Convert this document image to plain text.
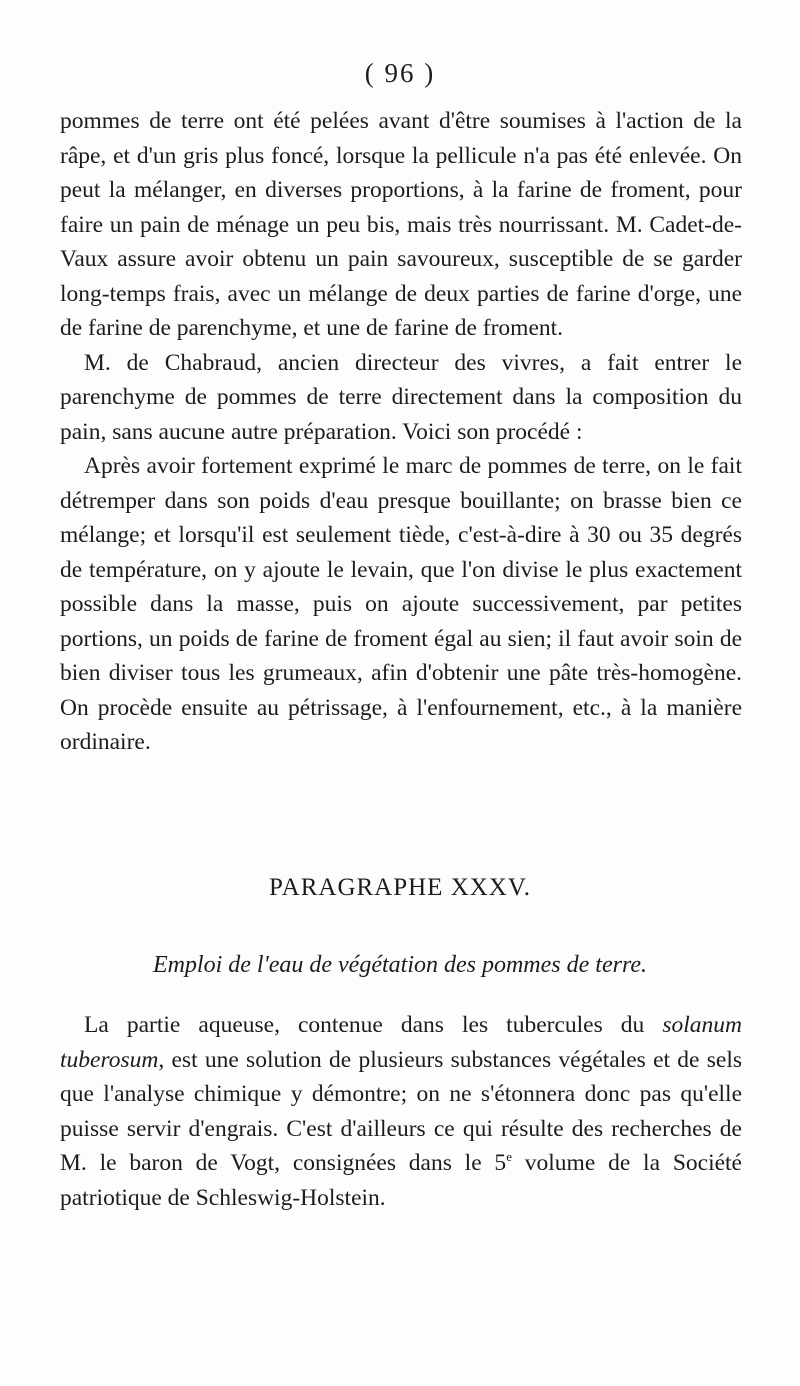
( 96 )

pommes de terre ont été pelées avant d'être soumises à l'action de la râpe, et d'un gris plus foncé, lorsque la pellicule n'a pas été enlevée. On peut la mélanger, en diverses proportions, à la farine de froment, pour faire un pain de ménage un peu bis, mais très nourrissant. M. Cadet-de-Vaux assure avoir obtenu un pain savoureux, susceptible de se garder long-temps frais, avec un mélange de deux parties de farine d'orge, une de farine de parenchyme, et une de farine de froment.

M. de Chabraud, ancien directeur des vivres, a fait entrer le parenchyme de pommes de terre directement dans la composition du pain, sans aucune autre préparation. Voici son procédé :

Après avoir fortement exprimé le marc de pommes de terre, on le fait détremper dans son poids d'eau presque bouillante; on brasse bien ce mélange; et lorsqu'il est seulement tiède, c'est-à-dire à 30 ou 35 degrés de température, on y ajoute le levain, que l'on divise le plus exactement possible dans la masse, puis on ajoute successivement, par petites portions, un poids de farine de froment égal au sien; il faut avoir soin de bien diviser tous les grumeaux, afin d'obtenir une pâte très-homogène. On procède ensuite au pétrissage, à l'enfournement, etc., à la manière ordinaire.

PARAGRAPHE XXXV.
Emploi de l'eau de végétation des pommes de terre.

La partie aqueuse, contenue dans les tubercules du solanum tuberosum, est une solution de plusieurs substances végétales et de sels que l'analyse chimique y démontre; on ne s'étonnera donc pas qu'elle puisse servir d'engrais. C'est d'ailleurs ce qui résulte des recherches de M. le baron de Vogt, consignées dans le 5e volume de la Société patriotique de Schleswig-Holstein.
